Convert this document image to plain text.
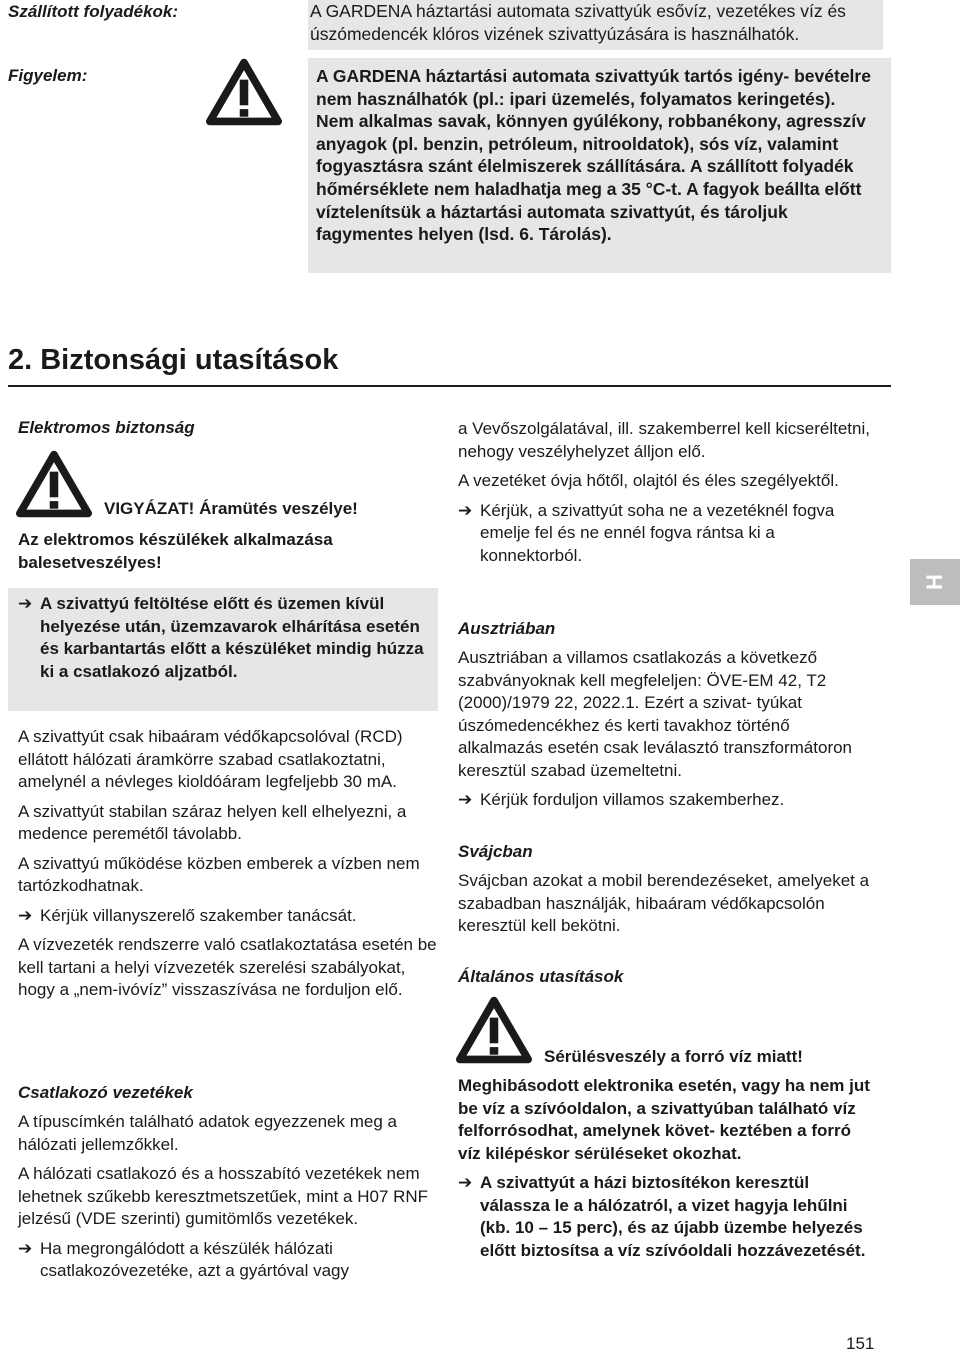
Szállított folyadékok:	A GARDENA háztartási automata szivattyúk esővíz, vezetékes víz és úszómedencék klóros vizének szivattyúzására is használhatók.
Figyelem:	A GARDENA háztartási automata szivattyúk tartós igény- bevételre nem használhatók (pl.: ipari üzemelés, folyamatos keringetés). Nem alkalmas savak, könnyen gyúlékony, robbanékony, agresszív anyagok (pl. benzin, petróleum, nitrooldatok), sós víz, valamint fogyasztásra szánt élelmiszerek szállítására. A szállított folyadék hőmérséklete nem haladhatja meg a 35 °C-t. A fagyok beállta előtt víztelenítsük a háztartási automata szivattyút, és tároljuk fagymentes helyen (lsd. 6. Tárolás).
2. Biztonsági utasítások
Elektromos biztonság
VIGYÁZAT! Áramütés veszélye!
Az elektromos készülékek alkalmazása balesetveszélyes!
➔ A szivattyú feltöltése előtt és üzemen kívül helyezése után, üzemzavarok elhárítása esetén és karbantartás előtt a készüléket mindig húzza ki a csatlakozó aljzatból.

A szivattyút csak hibaáram védőkapcsolóval (RCD) ellátott hálózati áramkörre szabad csatlakoztatni, amelynél a névleges kioldóáram legfeljebb 30 mA.

A szivattyút stabilan száraz helyen kell elhelyezni, a medence peremétől távolabb.

A szivattyú működése közben emberek a vízben nem tartózkodhatnak.

➔ Kérjük villanyszerelő szakember tanácsát.

A vízvezeték rendszerre való csatlakoztatása esetén be kell tartani a helyi vízvezeték szerelési szabályokat, hogy a „nem-ivóvíz” visszaszívása ne forduljon elő.

Csatlakozó vezetékek

A típuscímkén található adatok egyezzenek meg a hálózati jellemzőkkel.

A hálózati csatlakozó és a hosszabító vezetékek nem lehetnek szűkebb keresztmetszetűek, mint a H07 RNF jelzésű (VDE szerinti) gumitömlős vezetékek.

➔ Ha megrongálódott a készülék hálózati csatlakozóvezetéke, azt a gyártóval vagy

a Vevőszolgálatával, ill. szakemberrel kell kicseréltetni, nehogy veszélyhelyzet álljon elő.

A vezetéket óvja hőtől, olajtól és éles szegélyektől.

➔ Kérjük, a szivattyút soha ne a vezetéknél fogva emelje fel és ne ennél fogva rántsa ki a konnektorból.
Ausztriában

Ausztriában a villamos csatlakozás a következő szabványoknak kell megfeleljen: ÖVE-EM 42, T2 (2000)/1979 22, 2022.1. Ezért a szivat- tyúkat úszómedencékhez és kerti tavakhoz történő alkalmazás esetén csak leválasztó transzformátoron keresztül szabad üzemeltetni.

➔ Kérjük forduljon villamos szakemberhez.
Svájcban

Svájcban azokat a mobil berendezéseket, amelyeket a szabadban használják, hibaáram védőkapcsolón keresztül kell bekötni.

Általános utasítások
Sérülésveszély a forró víz miatt!

Meghibásodott elektronika esetén, vagy ha nem jut be víz a szívóoldalon, a szivattyúban található víz felforrósodhat, amelynek követ- keztében a forró víz kilépéskor sérüléseket okozhat.

➔ A szivattyút a házi biztosítékon keresztül válassza le a hálózatról, a vizet hagyja lehűlni (kb. 10 – 15 perc), és az újabb üzembe helyezés előtt biztosítsa a víz szívóoldali hozzávezetését.
H
151
